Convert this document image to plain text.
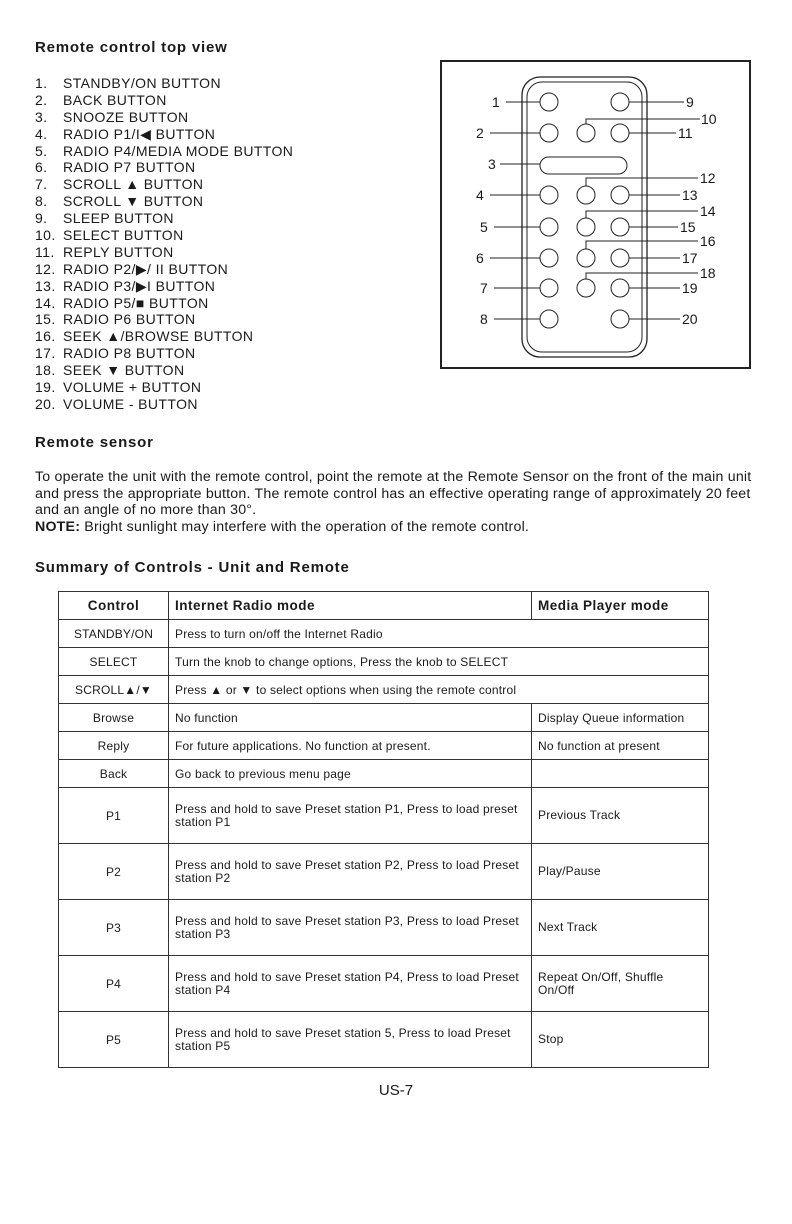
Remote control top view
1. STANDBY/ON BUTTON
2. BACK BUTTON
3. SNOOZE BUTTON
4. RADIO P1/I◀ BUTTON
5. RADIO P4/MEDIA MODE BUTTON
6. RADIO P7 BUTTON
7. SCROLL ▲ BUTTON
8. SCROLL ▼ BUTTON
9. SLEEP BUTTON
10. SELECT BUTTON
11. REPLY BUTTON
12. RADIO P2/▶/ II BUTTON
13. RADIO P3/▶I BUTTON
14. RADIO P5/■ BUTTON
15. RADIO P6 BUTTON
16. SEEK ▲/BROWSE BUTTON
17. RADIO P8 BUTTON
18. SEEK ▼ BUTTON
19. VOLUME + BUTTON
20. VOLUME - BUTTON
1
2
3
4
5
6
7
8
9
10
11
12
13
14
15
16
17
18
19
20
Remote sensor

To operate the unit with the remote control, point the remote at the Remote Sensor on the front of the main unit and press the appropriate button. The remote control has an effective operating range of approximately 20 feet and an angle of no more than 30°.
NOTE: Bright sunlight may interfere with the operation of the remote control.

Summary of Controls - Unit and Remote
Control	Internet Radio mode	Media Player mode
STANDBY/ON	Press to turn on/off the Internet Radio	
SELECT	Turn the knob to change options, Press the knob to SELECT	
SCROLL▲/▼	Press ▲ or ▼ to select options when using the remote control	
Browse	No function	Display Queue information
Reply	For future applications. No function at present.	No function at present
Back	Go back to previous menu page	
P1	Press and hold to save Preset station P1, Press to load preset station P1	Previous Track
P2	Press and hold to save Preset station P2, Press to load Preset station P2	Play/Pause
P3	Press and hold to save Preset station P3, Press to load Preset station P3	Next Track
P4	Press and hold to save Preset station P4, Press to load Preset station P4	Repeat On/Off, Shuffle On/Off
P5	Press and hold to save Preset station 5, Press to load Preset station P5	Stop
US-7
